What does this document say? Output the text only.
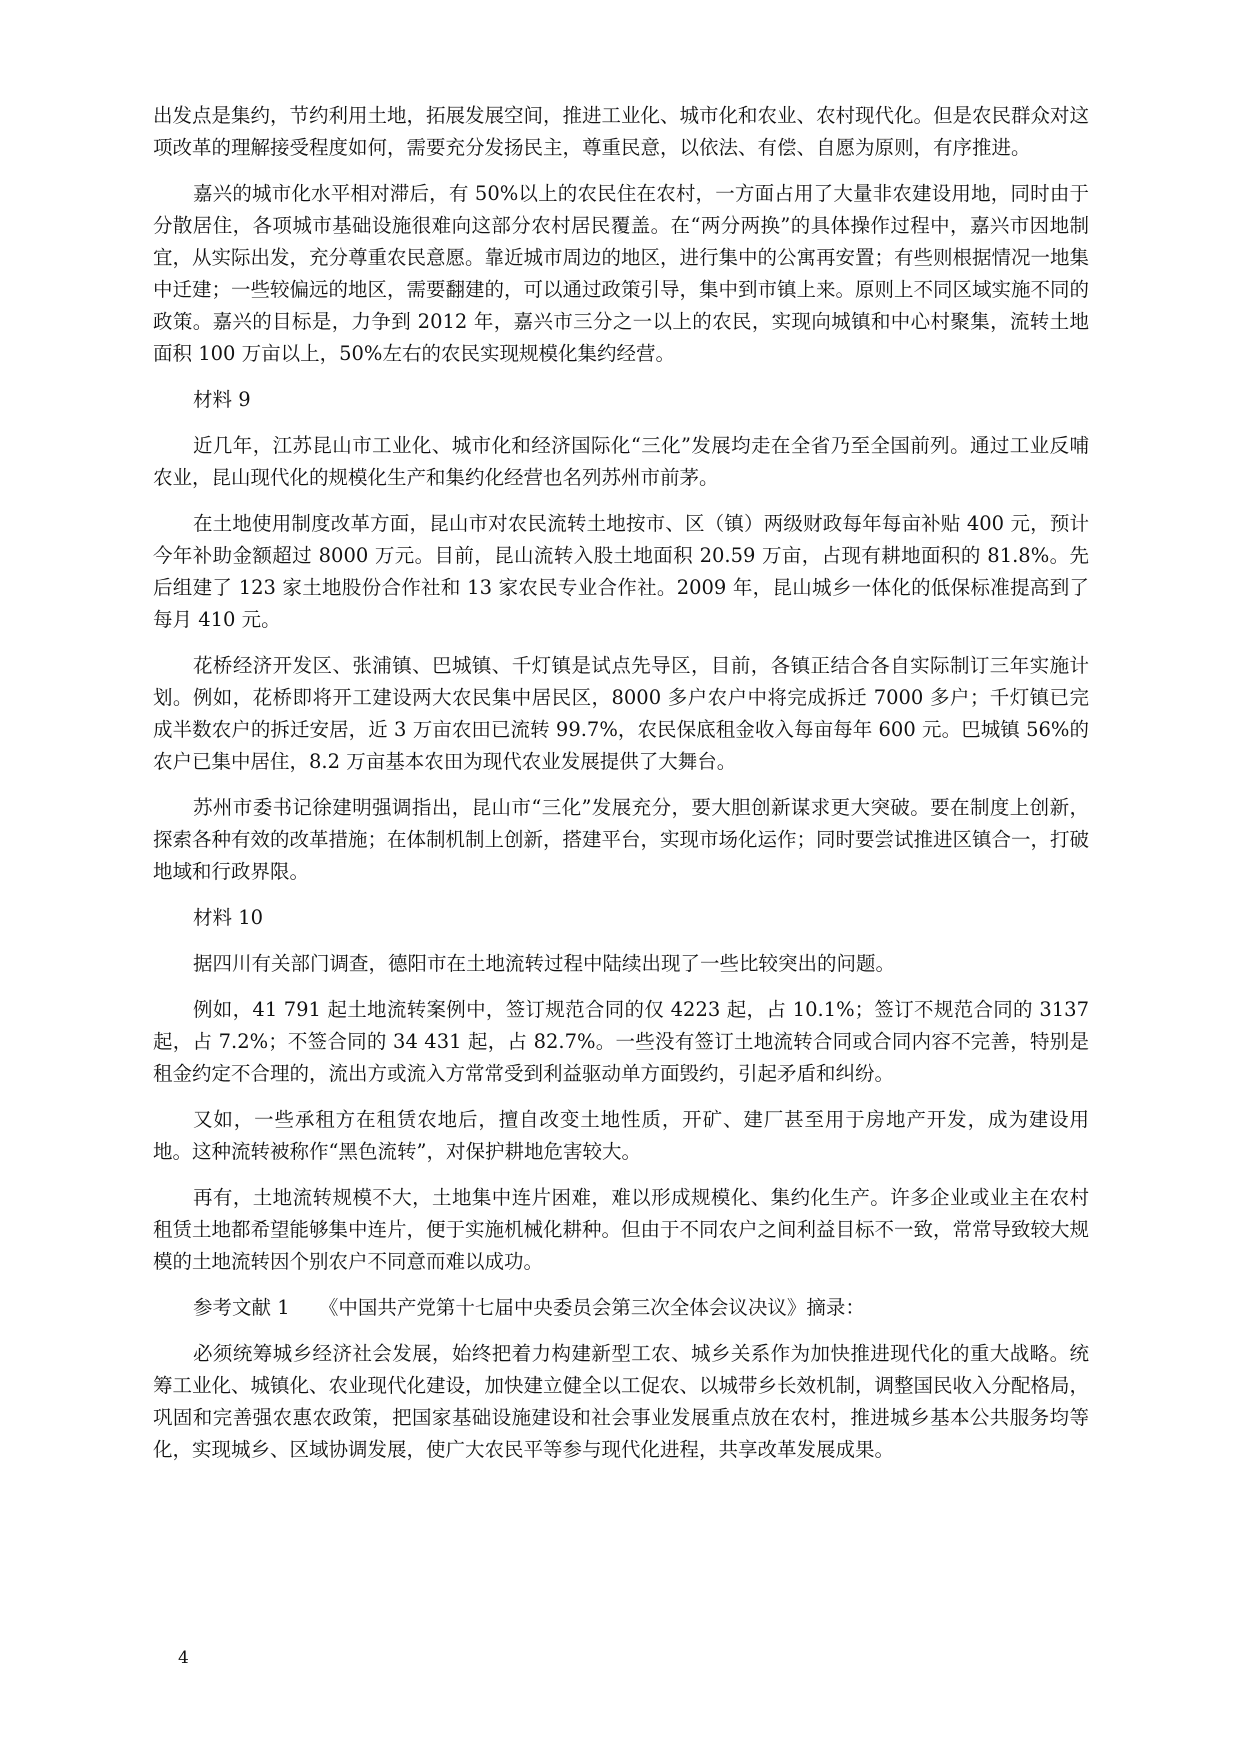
出发点是集约，节约利用土地，拓展发展空间，推进工业化、城市化和农业、农村现代化。但是农民群众对这项改革的理解接受程度如何，需要充分发扬民主，尊重民意，以依法、有偿、自愿为原则，有序推进。

嘉兴的城市化水平相对滞后，有 50%以上的农民住在农村，一方面占用了大量非农建设用地，同时由于分散居住，各项城市基础设施很难向这部分农村居民覆盖。在“两分两换”的具体操作过程中，嘉兴市因地制宜，从实际出发，充分尊重农民意愿。靠近城市周边的地区，进行集中的公寓再安置；有些则根据情况一地集中迁建；一些较偏远的地区，需要翻建的，可以通过政策引导，集中到市镇上来。原则上不同区域实施不同的政策。嘉兴的目标是，力争到 2012 年，嘉兴市三分之一以上的农民，实现向城镇和中心村聚集，流转土地面积 100 万亩以上，50%左右的农民实现规模化集约经营。

材料 9

近几年，江苏昆山市工业化、城市化和经济国际化“三化”发展均走在全省乃至全国前列。通过工业反哺农业，昆山现代化的规模化生产和集约化经营也名列苏州市前茅。

在土地使用制度改革方面，昆山市对农民流转土地按市、区（镇）两级财政每年每亩补贴 400 元，预计今年补助金额超过 8000 万元。目前，昆山流转入股土地面积 20.59 万亩，占现有耕地面积的 81.8%。先后组建了 123 家土地股份合作社和 13 家农民专业合作社。2009 年，昆山城乡一体化的低保标准提高到了每月 410 元。

花桥经济开发区、张浦镇、巴城镇、千灯镇是试点先导区，目前，各镇正结合各自实际制订三年实施计划。例如，花桥即将开工建设两大农民集中居民区，8000 多户农户中将完成拆迁 7000 多户；千灯镇已完成半数农户的拆迁安居，近 3 万亩农田已流转 99.7%，农民保底租金收入每亩每年 600 元。巴城镇 56%的农户已集中居住，8.2 万亩基本农田为现代农业发展提供了大舞台。

苏州市委书记徐建明强调指出，昆山市“三化”发展充分，要大胆创新谋求更大突破。要在制度上创新，探索各种有效的改革措施；在体制机制上创新，搭建平台，实现市场化运作；同时要尝试推进区镇合一，打破地域和行政界限。

材料 10

据四川有关部门调查，德阳市在土地流转过程中陆续出现了一些比较突出的问题。

例如，41 791 起土地流转案例中，签订规范合同的仅 4223 起，占 10.1%；签订不规范合同的 3137 起，占 7.2%；不签合同的 34 431 起，占 82.7%。一些没有签订土地流转合同或合同内容不完善，特别是租金约定不合理的，流出方或流入方常常受到利益驱动单方面毁约，引起矛盾和纠纷。

又如，一些承租方在租赁农地后，擅自改变土地性质，开矿、建厂甚至用于房地产开发，成为建设用地。这种流转被称作“黑色流转”，对保护耕地危害较大。

再有，土地流转规模不大，土地集中连片困难，难以形成规模化、集约化生产。许多企业或业主在农村租赁土地都希望能够集中连片，便于实施机械化耕种。但由于不同农户之间利益目标不一致，常常导致较大规模的土地流转因个别农户不同意而难以成功。

参考文献 1　　《中国共产党第十七届中央委员会第三次全体会议决议》摘录：

必须统筹城乡经济社会发展，始终把着力构建新型工农、城乡关系作为加快推进现代化的重大战略。统筹工业化、城镇化、农业现代化建设，加快建立健全以工促农、以城带乡长效机制，调整国民收入分配格局，巩固和完善强农惠农政策，把国家基础设施建设和社会事业发展重点放在农村，推进城乡基本公共服务均等化，实现城乡、区域协调发展，使广大农民平等参与现代化进程，共享改革发展成果。

4
